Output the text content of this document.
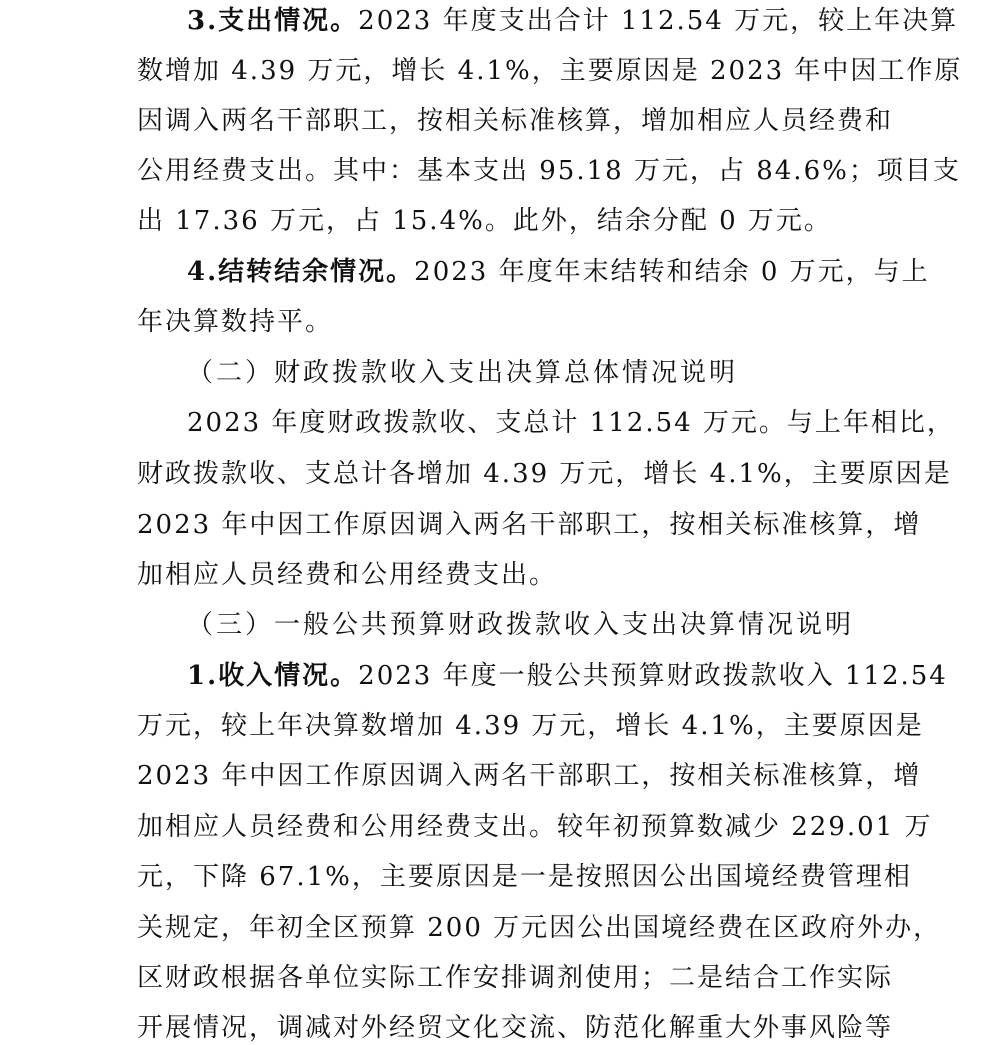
3.支出情况。2023 年度支出合计 112.54 万元，较上年决算
数增加 4.39 万元，增长 4.1%，主要原因是 2023 年中因工作原
因调入两名干部职工，按相关标准核算，增加相应人员经费和
公用经费支出。其中：基本支出 95.18 万元，占 84.6%；项目支
出 17.36 万元，占 15.4%。此外，结余分配 0 万元。
4.结转结余情况。2023 年度年末结转和结余 0 万元，与上
年决算数持平。
（二）财政拨款收入支出决算总体情况说明
2023 年度财政拨款收、支总计 112.54 万元。与上年相比，
财政拨款收、支总计各增加 4.39 万元，增长 4.1%，主要原因是
2023 年中因工作原因调入两名干部职工，按相关标准核算，增
加相应人员经费和公用经费支出。
（三）一般公共预算财政拨款收入支出决算情况说明
1.收入情况。2023 年度一般公共预算财政拨款收入 112.54
万元，较上年决算数增加 4.39 万元，增长 4.1%，主要原因是
2023 年中因工作原因调入两名干部职工，按相关标准核算，增
加相应人员经费和公用经费支出。较年初预算数减少 229.01 万
元，下降 67.1%，主要原因是一是按照因公出国境经费管理相
关规定，年初全区预算 200 万元因公出国境经费在区政府外办，
区财政根据各单位实际工作安排调剂使用；二是结合工作实际
开展情况，调减对外经贸文化交流、防范化解重大外事风险等
